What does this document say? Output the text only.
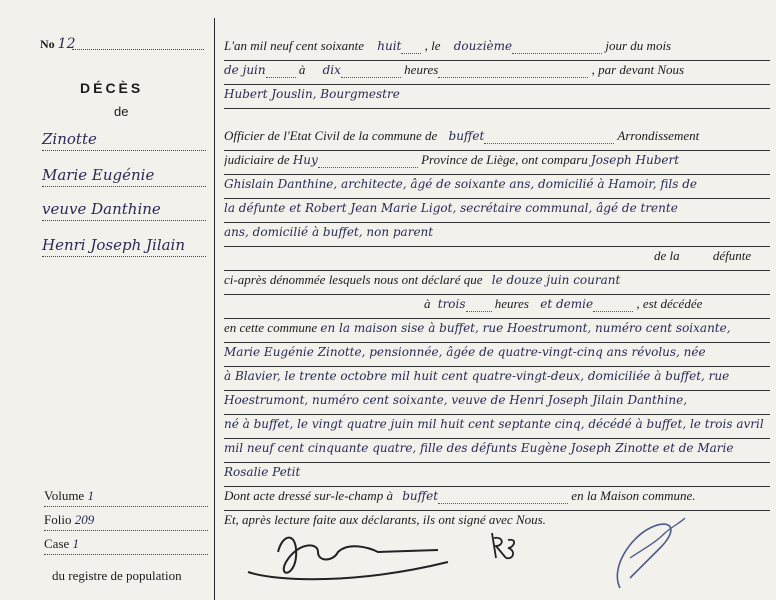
No 12
DÉCÈS
de
Zinotte
Marie Eugénie
veuve Danthine
Henri Joseph Jilain
Volume 1
Folio 209
Case 1
du registre de population
L'an mil neuf cent soixante huit , le douzième	jour du mois
de juin	à dix	heures	, par devant Nous
Hubert Jouslin, Bourgmestre
Officier de l'Etat Civil de la commune de buffet	Arrondissement
judiciaire de Huy	Province de Liège, ont comparu Joseph Hubert
Ghislain Danthine, architecte, âgé de soixante ans, domicilié à Hamoir, fils de
la défunte et Robert Jean Marie Ligot, secrétaire communal, âgé de trente
ans, domicilié à buffet, non parent
de la	défunte
ci-après dénommée lesquels nous ont déclaré que le douze juin courant
à trois heures et demie	, est décédée
en cette commune en la maison sise à buffet, rue Hoestrumont, numéro cent soixante,
Marie Eugénie Zinotte, pensionnée, âgée de quatre-vingt-cinq ans révolus, née
à Blavier, le trente octobre mil huit cent quatre-vingt-deux, domiciliée à buffet, rue
Hoestrumont, numéro cent soixante, veuve de Henri Joseph Jilain Danthine,
né à buffet, le vingt quatre juin mil huit cent septante cinq, décédé à buffet, le trois avril
mil neuf cent cinquante quatre, fille des défunts Eugène Joseph Zinotte et de Marie
Rosalie Petit
Dont acte dressé sur-le-champ à buffet	en la Maison commune.
Et, après lecture faite aux déclarants, ils ont signé avec Nous.
